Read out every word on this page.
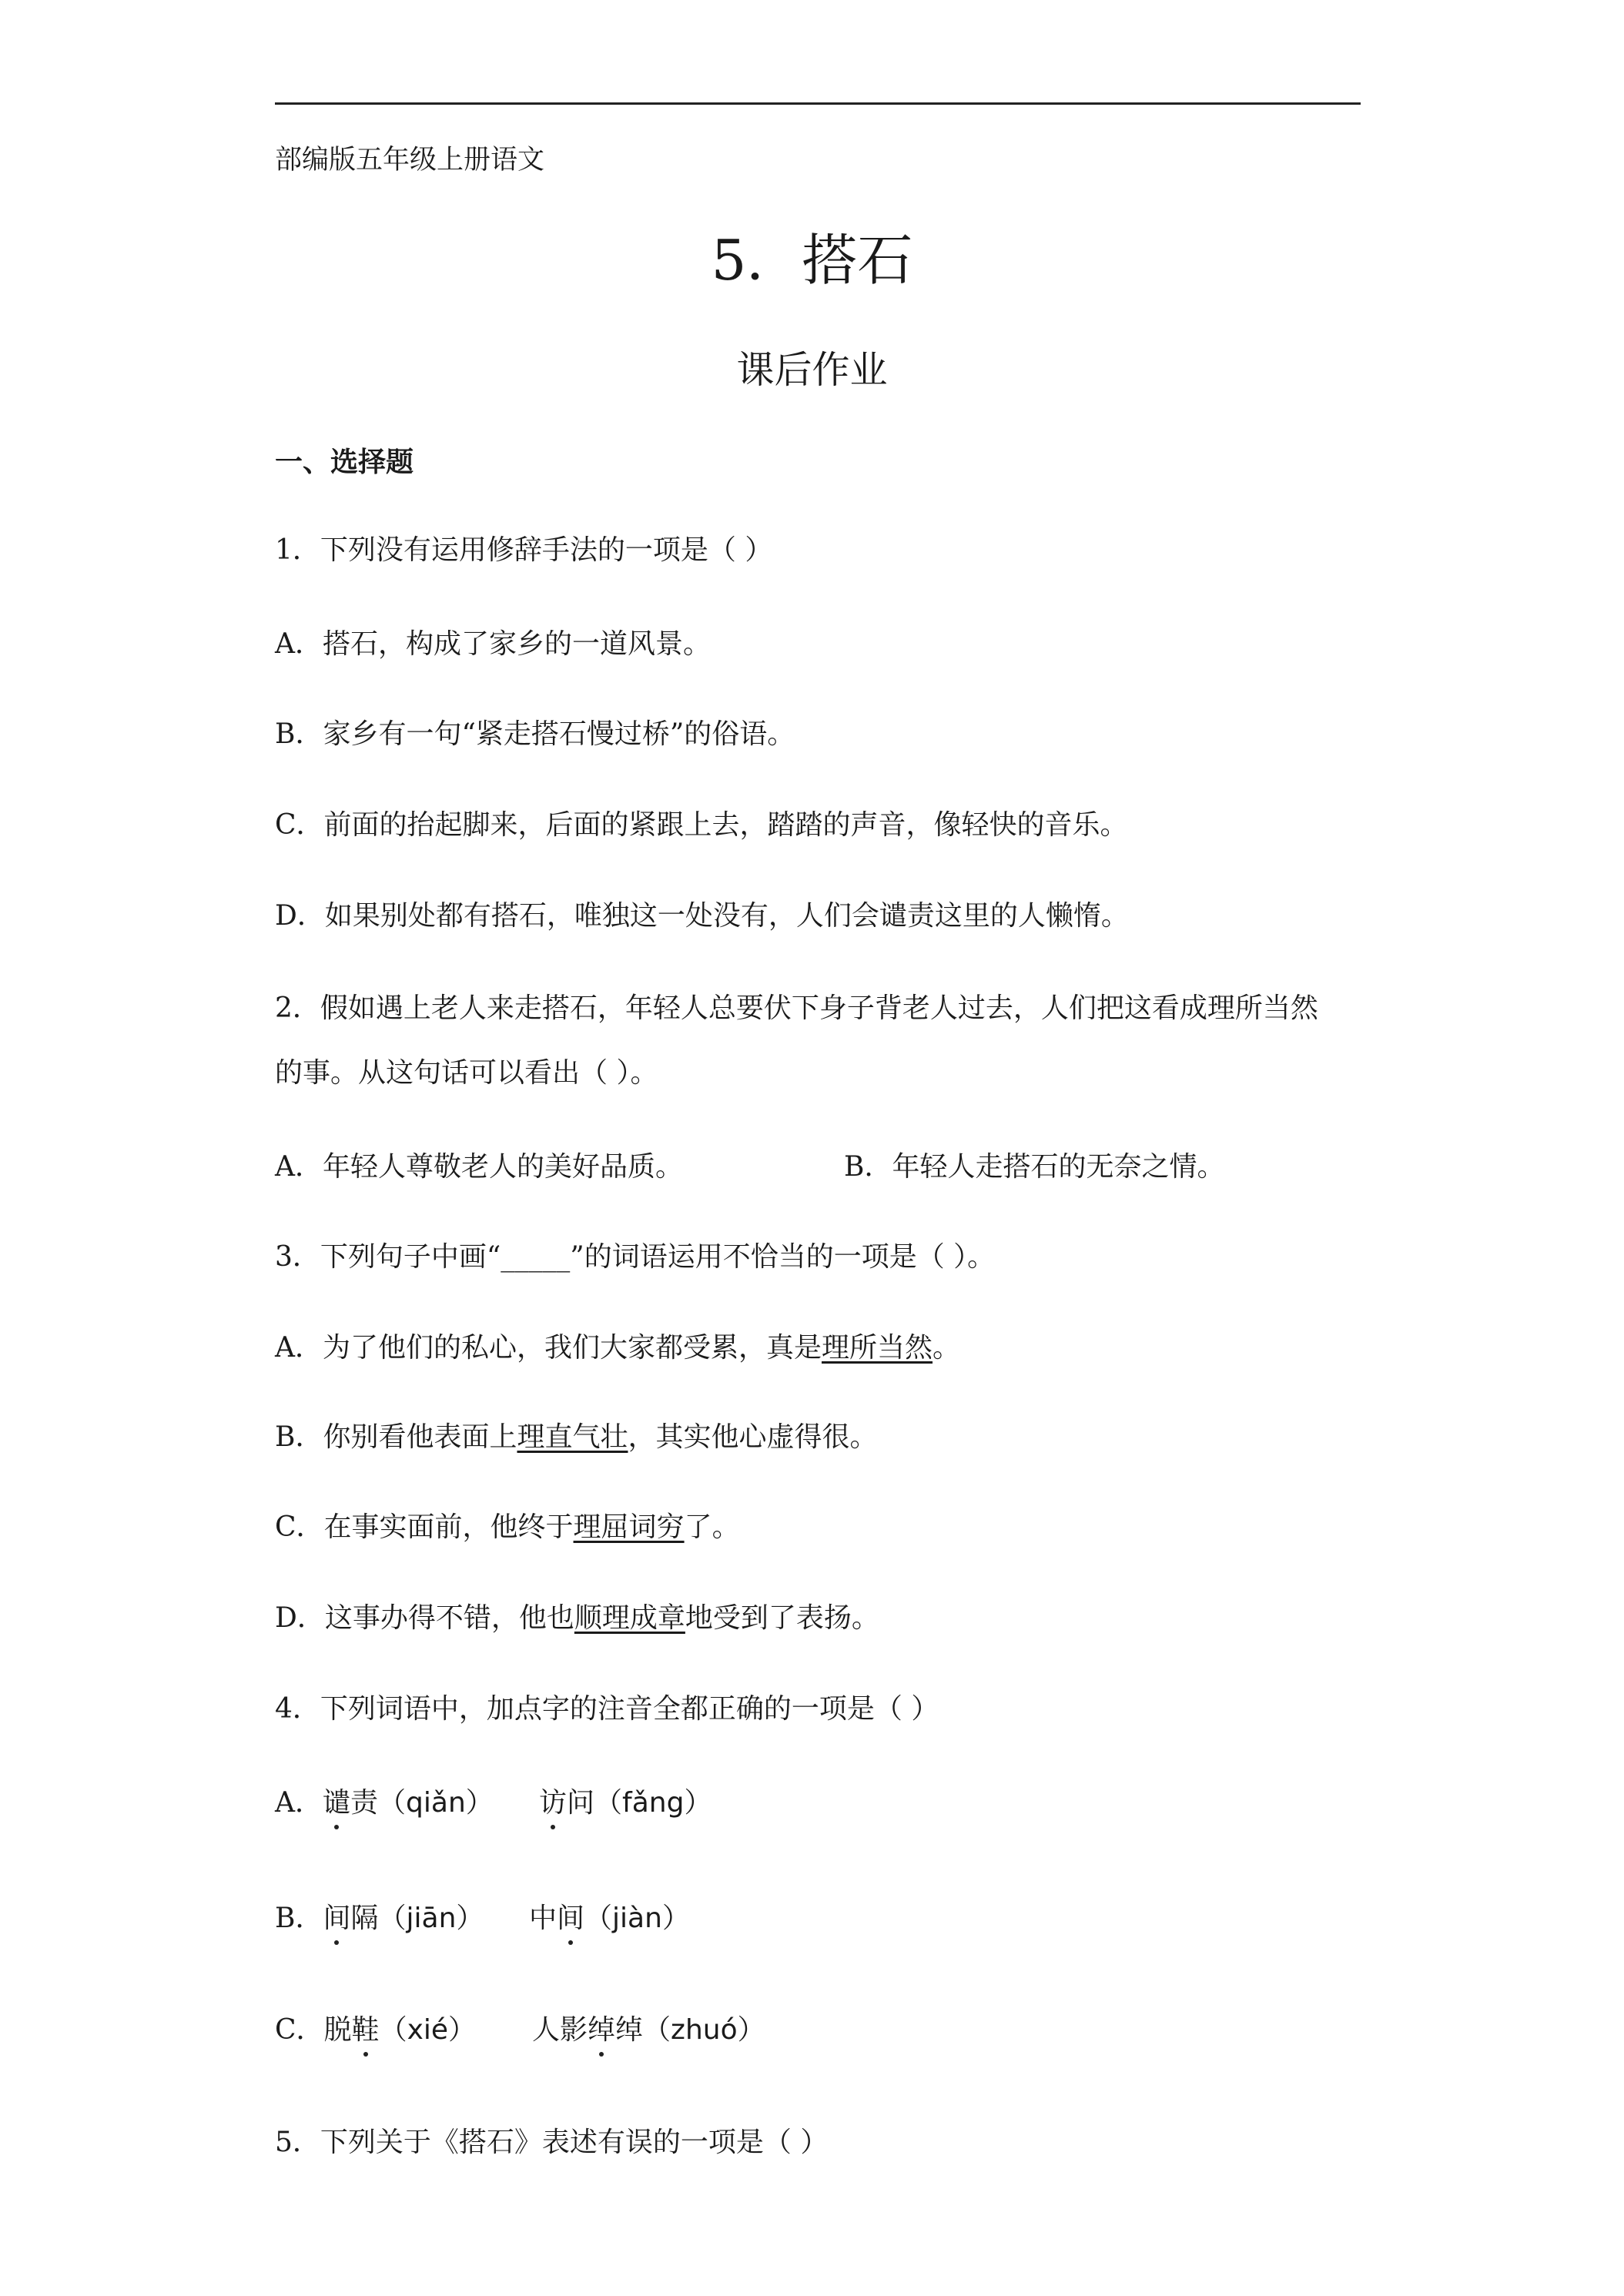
部编版五年级上册语文
5．搭石
课后作业
一、选择题
1．下列没有运用修辞手法的一项是（ ）
A．搭石，构成了家乡的一道风景。
B．家乡有一句“紧走搭石慢过桥”的俗语。
C．前面的抬起脚来，后面的紧跟上去，踏踏的声音，像轻快的音乐。
D．如果别处都有搭石，唯独这一处没有，人们会谴责这里的人懒惰。
2．假如遇上老人来走搭石，年轻人总要伏下身子背老人过去，人们把这看成理所当然
的事。从这句话可以看出（ ）。
A．年轻人尊敬老人的美好品质。	B．年轻人走搭石的无奈之情。
3．下列句子中画“_____”的词语运用不恰当的一项是（ ）。
A．为了他们的私心，我们大家都受累，真是理所当然。
B．你别看他表面上理直气壮，其实他心虚得很。
C．在事实面前，他终于理屈词穷了。
D．这事办得不错，他也顺理成章地受到了表扬。
4．下列词语中，加点字的注音全都正确的一项是（ ）
A．谴责（qiǎn） 访问（fǎng）
B．间隔（jiān） 中间（jiàn）
C．脱鞋（xié） 人影绰绰（zhuó）
5．下列关于《搭石》表述有误的一项是（ ）
